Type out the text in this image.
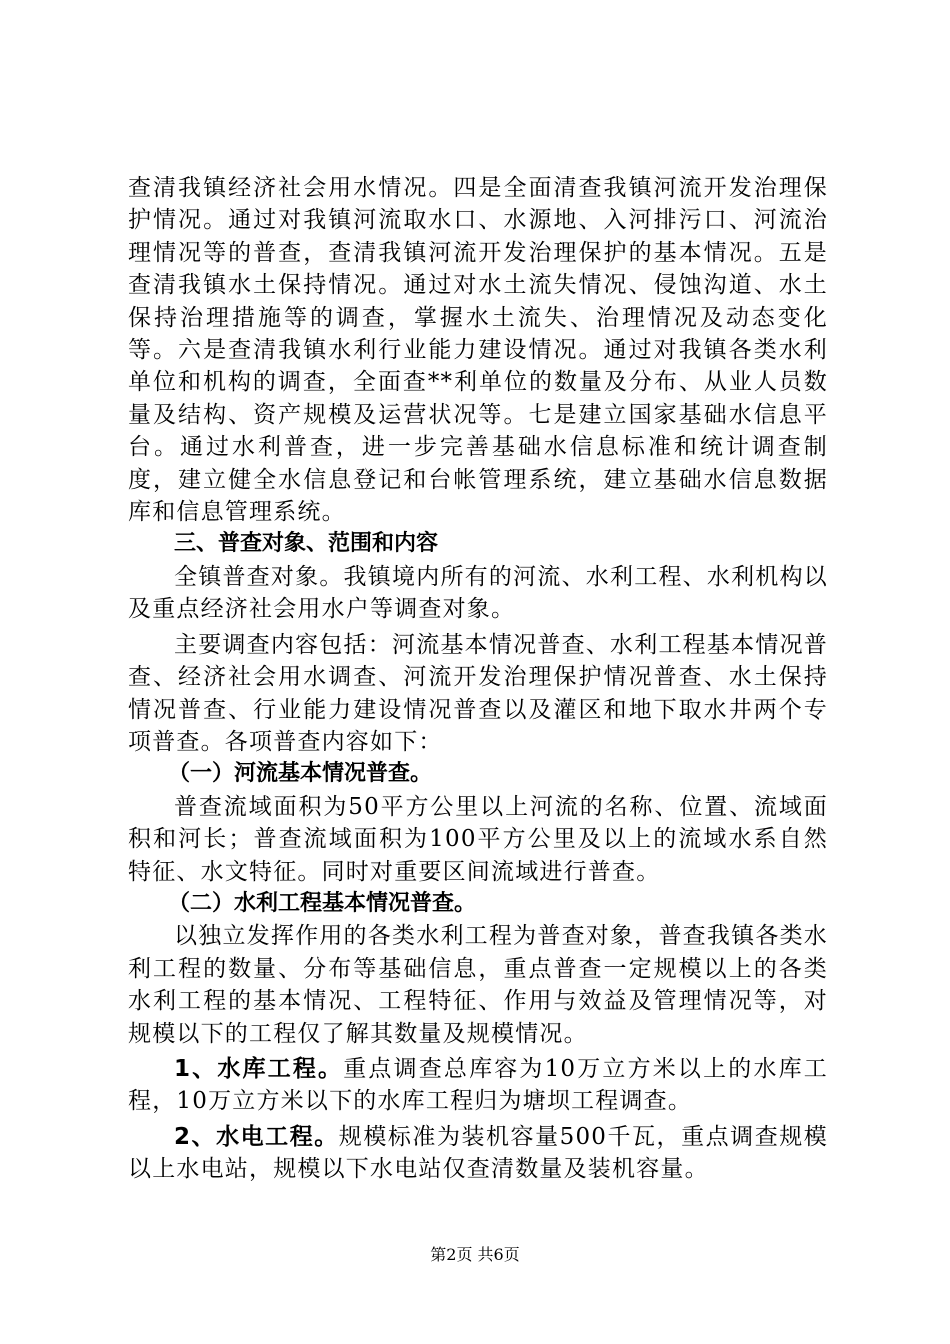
查清我镇经济社会用水情况。四是全面清查我镇河流开发治理保护情况。通过对我镇河流取水口、水源地、入河排污口、河流治理情况等的普查，查清我镇河流开发治理保护的基本情况。五是查清我镇水土保持情况。通过对水土流失情况、侵蚀沟道、水土保持治理措施等的调查，掌握水土流失、治理情况及动态变化等。六是查清我镇水利行业能力建设情况。通过对我镇各类水利单位和机构的调查，全面查**利单位的数量及分布、从业人员数量及结构、资产规模及运营状况等。七是建立国家基础水信息平台。通过水利普查，进一步完善基础水信息标准和统计调查制度，建立健全水信息登记和台帐管理系统，建立基础水信息数据库和信息管理系统。

三、普查对象、范围和内容

全镇普查对象。我镇境内所有的河流、水利工程、水利机构以及重点经济社会用水户等调查对象。

主要调查内容包括：河流基本情况普查、水利工程基本情况普查、经济社会用水调查、河流开发治理保护情况普查、水土保持情况普查、行业能力建设情况普查以及灌区和地下取水井两个专项普查。各项普查内容如下：

（一）河流基本情况普查。

普查流域面积为50平方公里以上河流的名称、位置、流域面积和河长；普查流域面积为100平方公里及以上的流域水系自然特征、水文特征。同时对重要区间流域进行普查。

（二）水利工程基本情况普查。

以独立发挥作用的各类水利工程为普查对象，普查我镇各类水利工程的数量、分布等基础信息，重点普查一定规模以上的各类水利工程的基本情况、工程特征、作用与效益及管理情况等，对规模以下的工程仅了解其数量及规模情况。

1、水库工程。重点调查总库容为10万立方米以上的水库工程，10万立方米以下的水库工程归为塘坝工程调查。

2、水电工程。规模标准为装机容量500千瓦，重点调查规模以上水电站，规模以下水电站仅查清数量及装机容量。

第2页 共6页
